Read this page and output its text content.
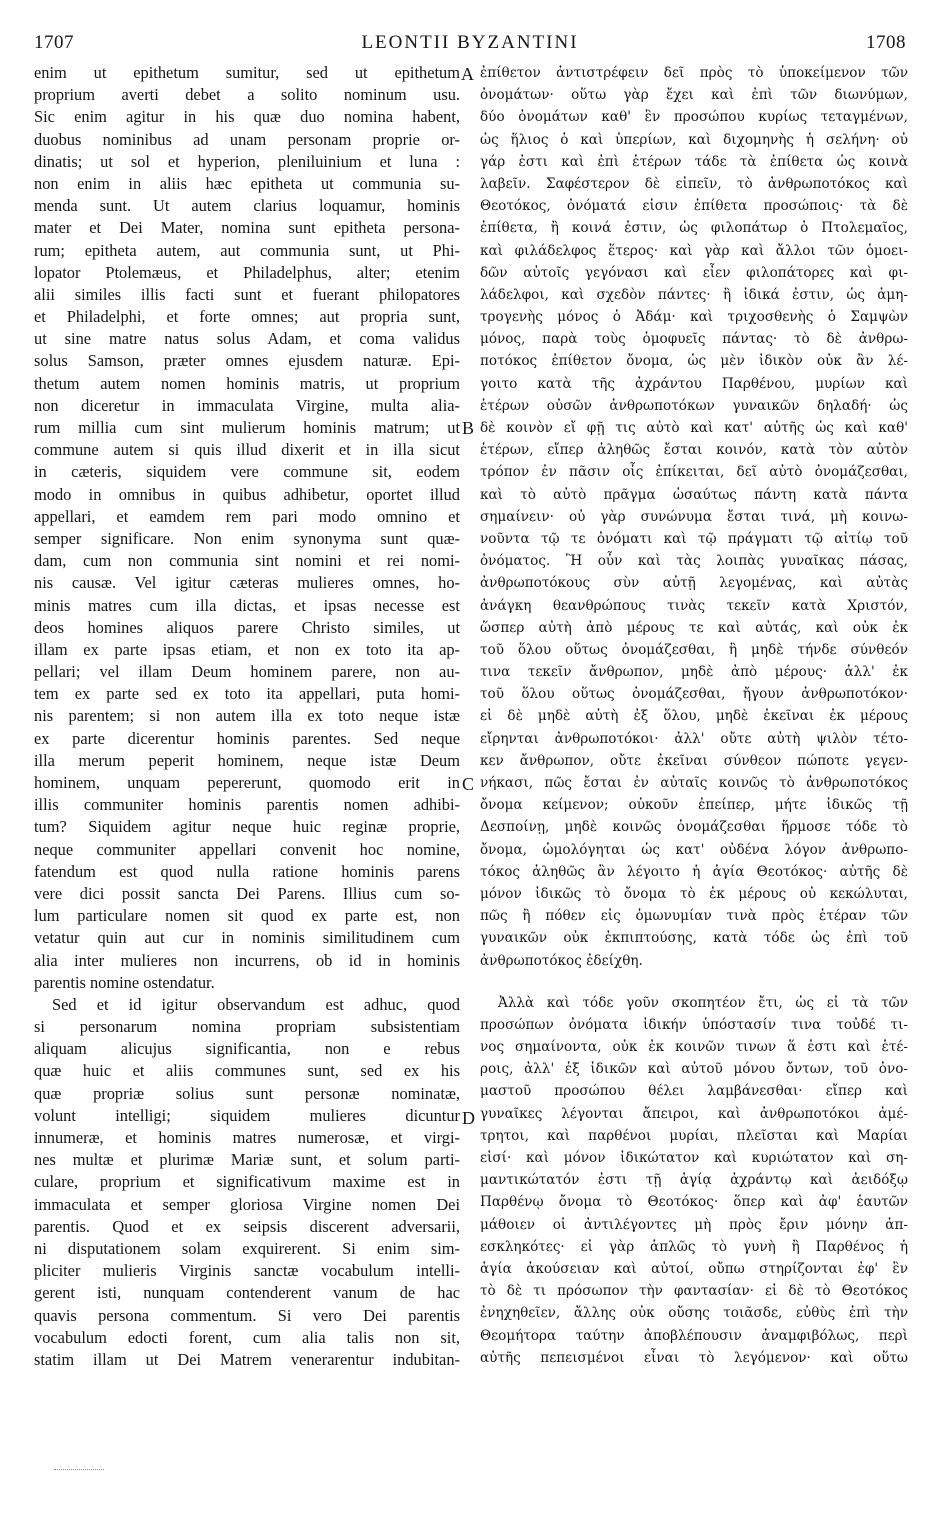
1707	LEONTII BYZANTINI	1708
enim ut epithetum sumitur, sed ut epithetum
proprium averti debet a solito nominum usu.
Sic enim agitur in his quæ duo nomina habent,
duobus nominibus ad unam personam proprie or-
dinatis; ut sol et hyperion, pleniluinium et luna :
non enim in aliis hæc epitheta ut communia su-
menda sunt. Ut autem clarius loquamur, hominis
mater et Dei Mater, nomina sunt epitheta persona-
rum; epitheta autem, aut communia sunt, ut Phi-
lopator Ptolemæus, et Philadelphus, alter; etenim
alii similes illis facti sunt et fuerant philopatores
et Philadelphi, et forte omnes; aut propria sunt,
ut sine matre natus solus Adam, et coma validus
solus Samson, præter omnes ejusdem naturæ. Epi-
thetum autem nomen hominis matris, ut proprium
non diceretur in immaculata Virgine, multa alia-
rum millia cum sint mulierum hominis matrum; ut
commune autem si quis illud dixerit et in illa sicut
in cæteris, siquidem vere commune sit, eodem
modo in omnibus in quibus adhibetur, oportet illud
appellari, et eamdem rem pari modo omnino et
semper significare. Non enim synonyma sunt quæ-
dam, cum non communia sint nomini et rei nomi-
nis causæ. Vel igitur cæteras mulieres omnes, ho-
minis matres cum illa dictas, et ipsas necesse est
deos homines aliquos parere Christo similes, ut
illam ex parte ipsas etiam, et non ex toto ita ap-
pellari; vel illam Deum hominem parere, non au-
tem ex parte sed ex toto ita appellari, puta homi-
nis parentem; si non autem illa ex toto neque istæ
ex parte dicerentur hominis parentes. Sed neque
illa merum peperit hominem, neque istæ Deum
hominem, unquam pepererunt, quomodo erit in
illis communiter hominis parentis nomen adhibi-
tum? Siquidem agitur neque huic reginæ proprie,
neque communiter appellari convenit hoc nomine,
fatendum est quod nulla ratione hominis parens
vere dici possit sancta Dei Parens. Illius cum so-
lum particulare nomen sit quod ex parte est, non
vetatur quin aut cur in nominis similitudinem cum
alia inter mulieres non incurrens, ob id in hominis
parentis nomine ostendatur.
Sed et id igitur observandum est adhuc, quod
si personarum nomina propriam subsistentiam
aliquam alicujus significantia, non e rebus
quæ huic et aliis communes sunt, sed ex his
quæ propriæ solius sunt personæ nominatæ,
volunt intelligi; siquidem mulieres dicuntur
innumeræ, et hominis matres numerosæ, et virgi-
nes multæ et plurimæ Mariæ sunt, et solum parti-
culare, proprium et significativum maxime est in
immaculata et semper gloriosa Virgine nomen Dei
parentis. Quod et ex seipsis discerent adversarii,
ni disputationem solam exquirerent. Si enim sim-
pliciter mulieris Virginis sanctæ vocabulum intelli-
gerent isti, nunquam contenderent vanum de hac
quavis persona commentum. Si vero Dei parentis
vocabulum edocti forent, cum alia talis non sit,
statim illam ut Dei Matrem venerarentur indubitan-
ἐπίθετον ἀντιστρέφειν δεῖ πρὸς τὸ ὑποκείμενον τῶν
ὀνομάτων· οὕτω γὰρ ἔχει καὶ ἐπὶ τῶν διωνύμων,
δύο ὀνομάτων καθ' ἓν προσώπου κυρίως τεταγμένων,
ὡς ἥλιος ὁ καὶ ὑπερίων, καὶ διχομηνὴς ἡ σελήνη· οὐ
γάρ ἐστι καὶ ἐπὶ ἑτέρων τάδε τὰ ἐπίθετα ὡς κοινὰ
λαβεῖν. Σαφέστερον δὲ εἰπεῖν, τὸ ἀνθρωποτόκος καὶ
Θεοτόκος, ὀνόματά εἰσιν ἐπίθετα προσώποις· τὰ δὲ
ἐπίθετα, ἢ κοινά ἐστιν, ὡς φιλοπάτωρ ὁ Πτολεμαῖος,
καὶ φιλάδελφος ἕτερος· καὶ γὰρ καὶ ἄλλοι τῶν ὁμοει-
δῶν αὐτοῖς γεγόνασι καὶ εἶεν φιλοπάτορες καὶ φι-
λάδελφοι, καὶ σχεδὸν πάντες· ἢ ἰδικά ἐστιν, ὡς ἀμη-
τρογενὴς μόνος ὁ Ἀδάμ· καὶ τριχοσθενὴς ὁ Σαμψὼν
μόνος, παρὰ τοὺς ὁμοφυεῖς πάντας· τὸ δὲ ἀνθρω-
ποτόκος ἐπίθετον ὄνομα, ὡς μὲν ἰδικὸν οὐκ ἂν λέ-
γοιτο κατὰ τῆς ἀχράντου Παρθένου, μυρίων καὶ
ἑτέρων οὐσῶν ἀνθρωποτόκων γυναικῶν δηλαδή· ὡς
δὲ κοινὸν εἴ φῇ τις αὐτὸ καὶ κατ' αὐτῆς ὡς καὶ καθ'
ἑτέρων, εἴπερ ἀληθῶς ἔσται κοινόν, κατὰ τὸν αὐτὸν
τρόπον ἐν πᾶσιν οἷς ἐπίκειται, δεῖ αὐτὸ ὀνομάζεσθαι,
καὶ τὸ αὐτὸ πρᾶγμα ὡσαύτως πάντη κατὰ πάντα
σημαίνειν· οὐ γὰρ συνώνυμα ἔσται τινά, μὴ κοινω-
νοῦντα τῷ τε ὀνόματι καὶ τῷ πράγματι τῷ αἰτίῳ τοῦ
ὀνόματος. Ἢ οὖν καὶ τὰς λοιπὰς γυναῖκας πάσας,
ἀνθρωποτόκους σὺν αὐτῇ λεγομένας, καὶ αὐτὰς
ἀνάγκη θεανθρώπους τινὰς τεκεῖν κατὰ Χριστόν,
ὥσπερ αὐτὴ ἀπὸ μέρους τε καὶ αὐτάς, καὶ οὐκ ἐκ
τοῦ ὅλου οὕτως ὀνομάζεσθαι, ἢ μηδὲ τήνδε σύνθεόν
τινα τεκεῖν ἄνθρωπον, μηδὲ ἀπὸ μέρους· ἀλλ' ἐκ
τοῦ ὅλου οὕτως ὀνομάζεσθαι, ἤγουν ἀνθρωποτόκον·
εἰ δὲ μηδὲ αὐτὴ ἐξ ὅλου, μηδὲ ἐκεῖναι ἐκ μέρους
εἴρηνται ἀνθρωποτόκοι· ἀλλ' οὔτε αὐτὴ ψιλὸν τέτο-
κεν ἄνθρωπον, οὔτε ἐκεῖναι σύνθεον πώποτε γεγεν-
νήκασι, πῶς ἔσται ἐν αὐταῖς κοινῶς τὸ ἀνθρωποτόκος
ὄνομα κείμενον; οὐκοῦν ἐπείπερ, μήτε ἰδικῶς τῇ
Δεσποίνῃ, μηδὲ κοινῶς ὀνομάζεσθαι ἥρμοσε τόδε τὸ
ὄνομα, ὡμολόγηται ὡς κατ' οὐδένα λόγον ἀνθρωπο-
τόκος ἀληθῶς ἂν λέγοιτο ἡ ἁγία Θεοτόκος· αὐτῆς δὲ
μόνον ἰδικῶς τὸ ὄνομα τὸ ἐκ μέρους οὐ κεκώλυται,
πῶς ἢ πόθεν εἰς ὁμωνυμίαν τινὰ πρὸς ἑτέραν τῶν
γυναικῶν οὐκ ἐκπιπτούσης, κατὰ τόδε ὡς ἐπὶ τοῦ
ἀνθρωποτόκος ἐδείχθη.
Ἀλλὰ καὶ τόδε γοῦν σκοπητέον ἔτι, ὡς εἰ τὰ τῶν
προσώπων ὀνόματα ἰδικήν ὑπόστασίν τινα τοὐδέ τι-
νος σημαίνοντα, οὐκ ἐκ κοινῶν τινων ἅ ἐστι καὶ ἑτέ-
ροις, ἀλλ' ἐξ ἰδικῶν καὶ αὐτοῦ μόνου ὄντων, τοῦ ὀνο-
μαστοῦ προσώπου θέλει λαμβάνεσθαι· εἴπερ καὶ
γυναῖκες λέγονται ἄπειροι, καὶ ἀνθρωποτόκοι ἀμέ-
τρητοι, καὶ παρθένοι μυρίαι, πλεῖσται καὶ Μαρίαι
εἰσί· καὶ μόνον ἰδικώτατον καὶ κυριώτατον καὶ ση-
μαντικώτατόν ἐστι τῇ ἁγίᾳ ἀχράντῳ καὶ ἀειδόξῳ
Παρθένῳ ὄνομα τὸ Θεοτόκος· ὅπερ καὶ ἀφ' ἑαυτῶν
μάθοιεν οἱ ἀντιλέγοντες μὴ πρὸς ἔριν μόνην ἀπ-
εσκληκότες· εἰ γὰρ ἁπλῶς τὸ γυνὴ ἢ Παρθένος ἡ
ἁγία ἀκούσειαν καὶ αὐτοί, οὔπω στηρίζονται ἐφ' ἓν
τὸ δὲ τι πρόσωπον τὴν φαντασίαν· εἰ δὲ τὸ Θεοτόκος
ἐνηχηθεῖεν, ἄλλης οὐκ οὔσης τοιᾶσδε, εὐθὺς ἐπὶ τὴν
Θεομήτορα ταύτην ἀποβλέπουσιν ἀναμφιβόλως, περὶ
αὐτῆς πεπεισμένοι εἶναι τὸ λεγόμενον· καὶ οὕτω
A
B
C
D
